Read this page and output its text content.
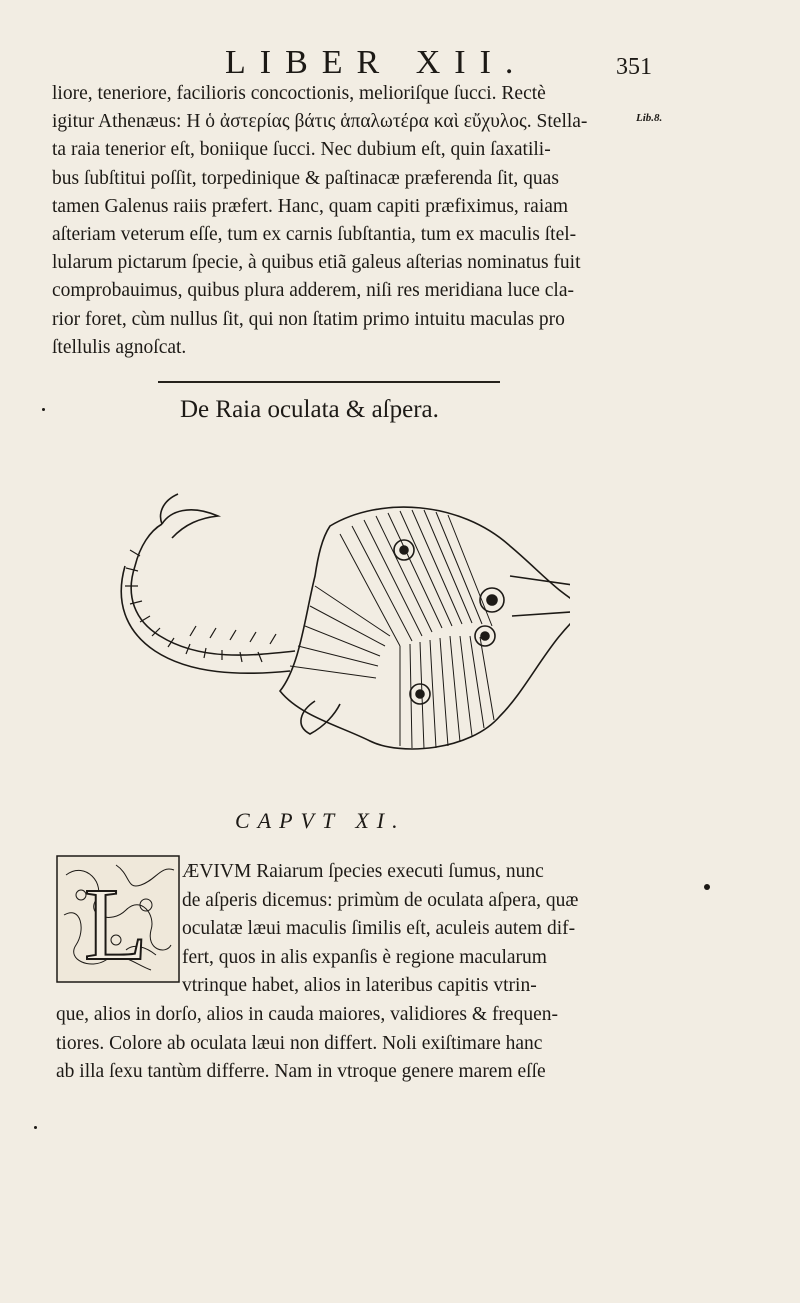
LIBER XII.	351
liore, teneriore, facilioris concoctionis, melioriſque ſucci. Rectè
igitur Athenæus: H ὁ ἀστερίας βάτις ἁπαλωτέρα καὶ εὔχυλος. Stella-
ta raia tenerior eſt, boniique ſucci. Nec dubium eſt, quin ſaxatili-
bus ſubſtitui poſſit, torpedinique & paſtinacæ præferenda ſit, quas
tamen Galenus raiis præfert. Hanc, quam capiti præfiximus, raiam
aſteriam veterum eſſe, tum ex carnis ſubſtantia, tum ex maculis ſtel-
lularum pictarum ſpecie, à quibus etiã galeus aſterias nominatus fuit
comprobauimus, quibus plura adderem, niſi res meridiana luce cla-
rior foret, cùm nullus ſit, qui non ſtatim primo intuitu maculas pro
ſtellulis agnoſcat.
Lib.8.
De Raia oculata & aſpera.
CAPVT XI.
L	ÆVIVM Raiarum ſpecies executi ſumus, nunc
de aſperis dicemus: primùm de oculata aſpera, quæ
oculatæ læui maculis ſimilis eſt, aculeis autem dif-
fert, quos in alis expanſis è regione macularum
vtrinque habet, alios in lateribus capitis vtrin-
que, alios in dorſo, alios in cauda maiores, validiores & frequen-
tiores. Colore ab oculata læui non differt. Noli exiſtimare hanc
ab illa ſexu tantùm differre. Nam in vtroque genere marem eſſe
